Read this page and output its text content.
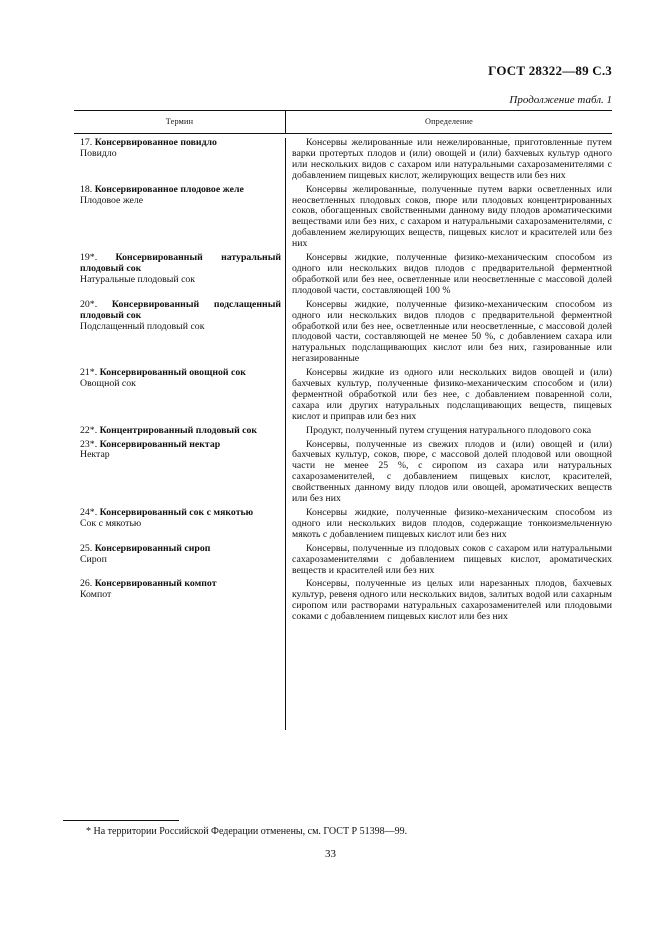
ГОСТ 28322—89 С.3
Продолжение табл. 1
Термин	Определение
17. Консервированное повидло
Повидло

Консервы желированные или нежелированные, приготовленные путем варки протертых плодов и (или) овощей и (или) бахчевых культур одного или нескольких видов с сахаром или натуральными сахарозаменителями с добавлением пищевых кислот, желирующих веществ или без них

18. Консервированное плодовое желе
Плодовое желе

Консервы желированные, полученные путем варки осветленных или неосветленных плодовых соков, пюре или плодовых концентрированных соков, обогащенных свойственными данному виду плодов ароматическими веществами или без них, с сахаром и натуральными сахарозаменителями, с добавлением желирующих веществ, пищевых кислот и красителей или без них

19*. Консервированный натуральный плодовый сок
Натуральные плодовый сок

Консервы жидкие, полученные физико-механическим способом из одного или нескольких видов плодов с предварительной ферментной обработкой или без нее, осветленные или неосветленные с массовой долей плодовой части, составляющей 100 %

20*. Консервированный подслащенный плодовый сок
Подслащенный плодовый сок

Консервы жидкие, полученные физико-механическим способом из одного или нескольких видов плодов с предварительной ферментной обработкой или без нее, осветленные или неосветленные, с массовой долей плодовой части, составляющей не менее 50 %, с добавлением сахара или натуральных подслащивающих кислот или без них, газированные или негазированные

21*. Консервированный овощной сок
Овощной сок

Консервы жидкие из одного или нескольких видов овощей и (или) бахчевых культур, полученные физико-механическим способом и (или) ферментной обработкой или без нее, с добавлением поваренной соли, сахара или других натуральных подслащивающих веществ, пищевых кислот и приправ или без них

22*. Концентрированный плодовый сок	Продукт, полученный путем сгущения натурального плодового сока

23*. Консервированный нектар
Нектар

Консервы, полученные из свежих плодов и (или) овощей и (или) бахчевых культур, соков, пюре, с массовой долей плодовой или овощной части не менее 25 %, с сиропом из сахара или натуральных сахарозаменителей, с добавлением пищевых кислот, красителей, свойственных данному виду плодов или овощей, ароматических веществ или без них

24*. Консервированный сок с мякотью
Сок с мякотью

Консервы жидкие, полученные физико-механическим способом из одного или нескольких видов плодов, содержащие тонкоизмельченную мякоть с добавлением пищевых кислот или без них

25. Консервированный сироп
Сироп

Консервы, полученные из плодовых соков с сахаром или натуральными сахарозаменителями с добавлением пищевых кислот, ароматических веществ и красителей или без них

26. Консервированный компот
Компот

Консервы, полученные из целых или нарезанных плодов, бахчевых культур, ревеня одного или нескольких видов, залитых водой или сахарным сиропом или растворами натуральных сахарозаменителей или плодовыми соками с добавлением пищевых кислот или без них

* На территории Российской Федерации отменены, см. ГОСТ Р 51398—99.
33
